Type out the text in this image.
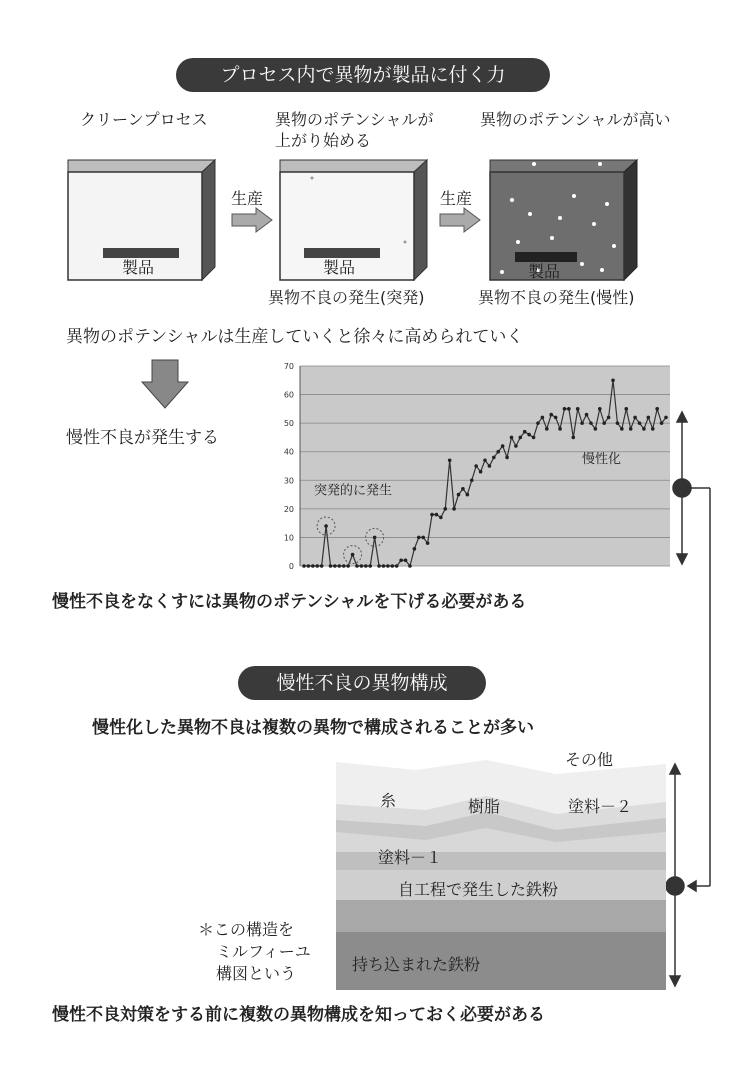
プロセス内で異物が製品に付く力
クリーンプロセス	異物のポテンシャルが
上がり始める
異物のポテンシャルが高い
製品
生産
製品
異物不良の発生(突発)
生産
製品
異物不良の発生(慢性)
異物のポテンシャルは生産していくと徐々に高められていく
慢性不良が発生する
0
10
20
30
40
50
60
70
突発的に発生
慢性化
慢性不良をなくすには異物のポテンシャルを下げる必要がある
慢性不良の異物構成
慢性化した異物不良は複数の異物で構成されることが多い
その他
糸	樹脂	塗料－２
塗料－１
自工程で発生した鉄粉
持ち込まれた鉄粉
＊この構造を
ミルフィーユ
構図という
慢性不良対策をする前に複数の異物構成を知っておく必要がある
